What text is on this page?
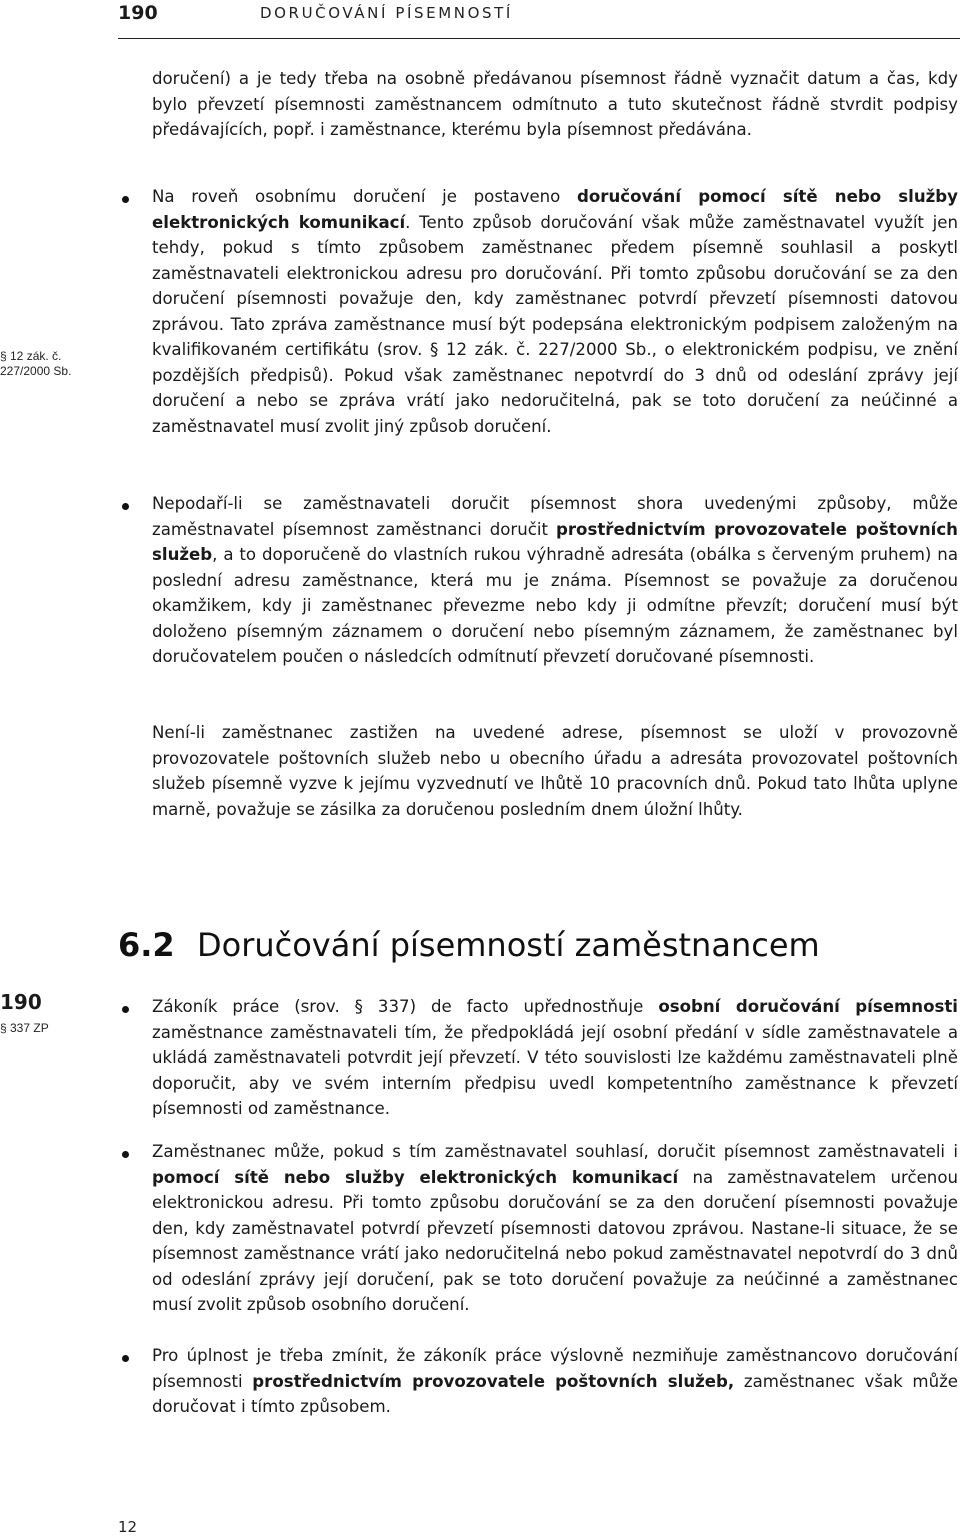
190	DORUČOVÁNÍ PÍSEMNOSTÍ
§ 12 zák. č. 227/2000 Sb.
doručení) a je tedy třeba na osobně předávanou písemnost řádně vyznačit datum a čas, kdy bylo převzetí písemnosti zaměstnancem odmítnuto a tuto skutečnost řádně stvrdit podpisy předávajících, popř. i zaměstnance, kterému byla písemnost předávána.
Na roveň osobnímu doručení je postaveno doručování pomocí sítě nebo služby elektronických komunikací. Tento způsob doručování však může zaměstnavatel využít jen tehdy, pokud s tímto způsobem zaměstnanec předem písemně souhlasil a poskytl zaměstnavateli elektronickou adresu pro doručování. Při tomto způsobu doručování se za den doručení písemnosti považuje den, kdy zaměstnanec potvrdí převzetí písemnosti datovou zprávou. Tato zpráva zaměstnance musí být podepsána elektronickým podpisem založeným na kvalifikovaném certifikátu (srov. § 12 zák. č. 227/2000 Sb., o elektronickém podpisu, ve znění pozdějších předpisů). Pokud však zaměstnanec nepotvrdí do 3 dnů od odeslání zprávy její doručení a nebo se zpráva vrátí jako nedoručitelná, pak se toto doručení za neúčinné a zaměstnavatel musí zvolit jiný způsob doručení.
Nepodaří-li se zaměstnavateli doručit písemnost shora uvedenými způsoby, může zaměstnavatel písemnost zaměstnanci doručit prostřednictvím provozovatele poštovních služeb, a to doporučeně do vlastních rukou výhradně adresáta (obálka s červeným pruhem) na poslední adresu zaměstnance, která mu je známa. Písemnost se považuje za doručenou okamžikem, kdy ji zaměstnanec převezme nebo kdy ji odmítne převzít; doručení musí být doloženo písemným záznamem o doručení nebo písemným záznamem, že zaměstnanec byl doručovatelem poučen o následcích odmítnutí převzetí doručované písemnosti.
Není-li zaměstnanec zastižen na uvedené adrese, písemnost se uloží v provozovně provozovatele poštovních služeb nebo u obecního úřadu a adresáta provozovatel poštovních služeb písemně vyzve k jejímu vyzvednutí ve lhůtě 10 pracovních dnů. Pokud tato lhůta uplyne marně, považuje se zásilka za doručenou posledním dnem úložní lhůty.
6.2 Doručování písemností zaměstnancem
190
§ 337 ZP
Zákoník práce (srov. § 337) de facto upřednostňuje osobní doručování písemnosti zaměstnance zaměstnavateli tím, že předpokládá její osobní předání v sídle zaměstnavatele a ukládá zaměstnavateli potvrdit její převzetí. V této souvislosti lze každému zaměstnavateli plně doporučit, aby ve svém interním předpisu uvedl kompetentního zaměstnance k převzetí písemnosti od zaměstnance.
Zaměstnanec může, pokud s tím zaměstnavatel souhlasí, doručit písemnost zaměstnavateli i pomocí sítě nebo služby elektronických komunikací na zaměstnavatelem určenou elektronickou adresu. Při tomto způsobu doručování se za den doručení písemnosti považuje den, kdy zaměstnavatel potvrdí převzetí písemnosti datovou zprávou. Nastane-li situace, že se písemnost zaměstnance vrátí jako nedoručitelná nebo pokud zaměstnavatel nepotvrdí do 3 dnů od odeslání zprávy její doručení, pak se toto doručení považuje za neúčinné a zaměstnanec musí zvolit způsob osobního doručení.
Pro úplnost je třeba zmínit, že zákoník práce výslovně nezmiňuje zaměstnancovo doručování písemnosti prostřednictvím provozovatele poštovních služeb, zaměstnanec však může doručovat i tímto způsobem.
12
